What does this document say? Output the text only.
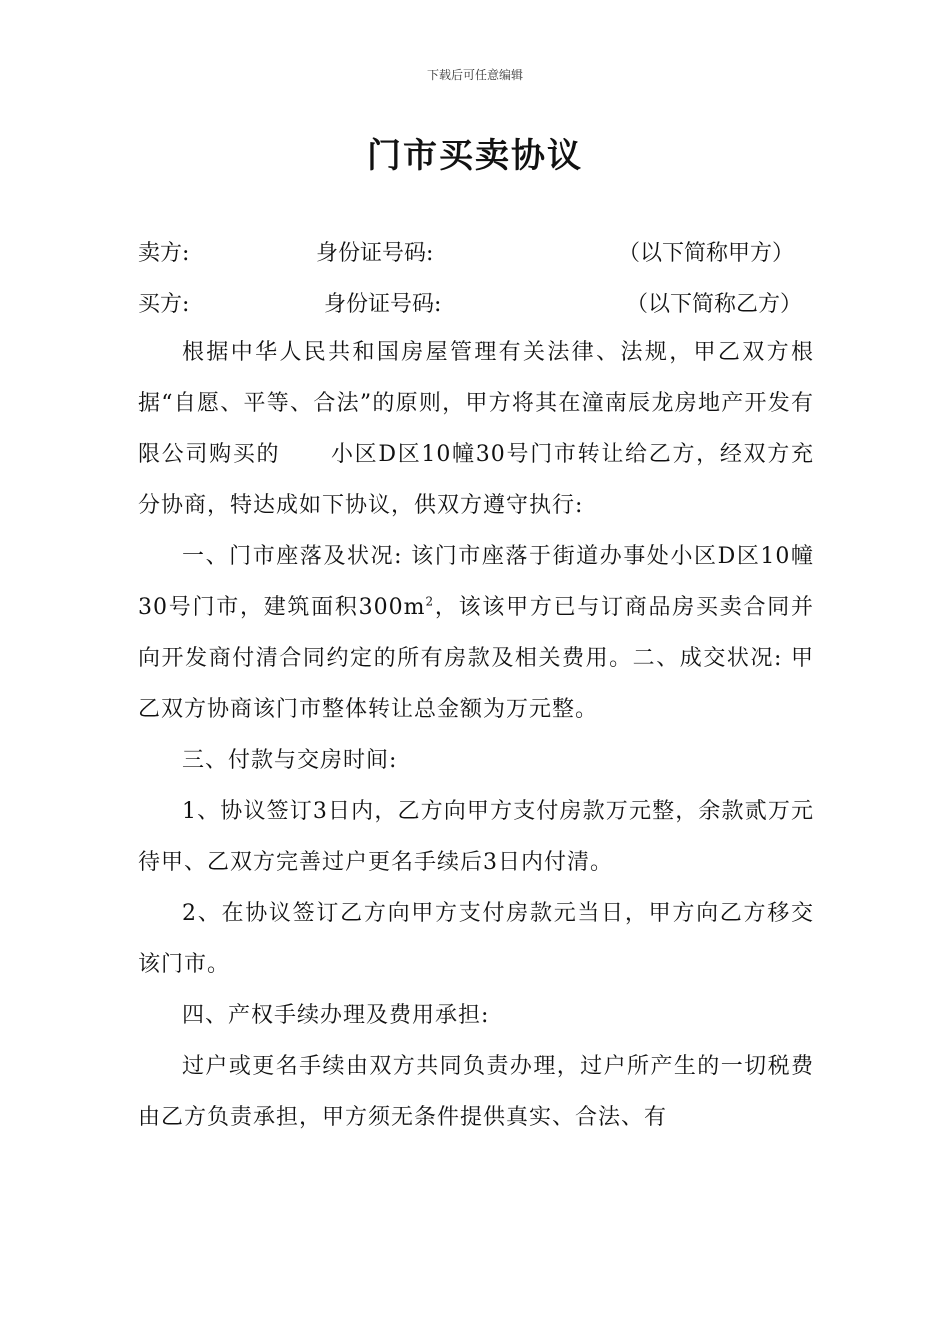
下载后可任意编辑
门市买卖协议
卖方:	身份证号码:	（以下简称甲方）
买方:	身份证号码:	（以下简称乙方）

根据中华人民共和国房屋管理有关法律、法规，甲乙双方根据“自愿、平等、合法”的原则，甲方将其在潼南辰龙房地产开发有限公司购买的 小区D区10幢30号门市转让给乙方，经双方充分协商，特达成如下协议，供双方遵守执行:

一、门市座落及状况: 该门市座落于街道办事处小区D区10幢30号门市，建筑面积$300m^2$，该该甲方已与订商品房买卖合同并向开发商付清合同约定的所有房款及相关费用。二、成交状况: 甲乙双方协商该门市整体转让总金额为万元整。

三、付款与交房时间:

1、协议签订3日内，乙方向甲方支付房款万元整，余款贰万元待甲、乙双方完善过户更名手续后3日内付清。

2、在协议签订乙方向甲方支付房款元当日，甲方向乙方移交该门市。

四、产权手续办理及费用承担:

过户或更名手续由双方共同负责办理，过户所产生的一切税费由乙方负责承担，甲方须无条件提供真实、合法、有
